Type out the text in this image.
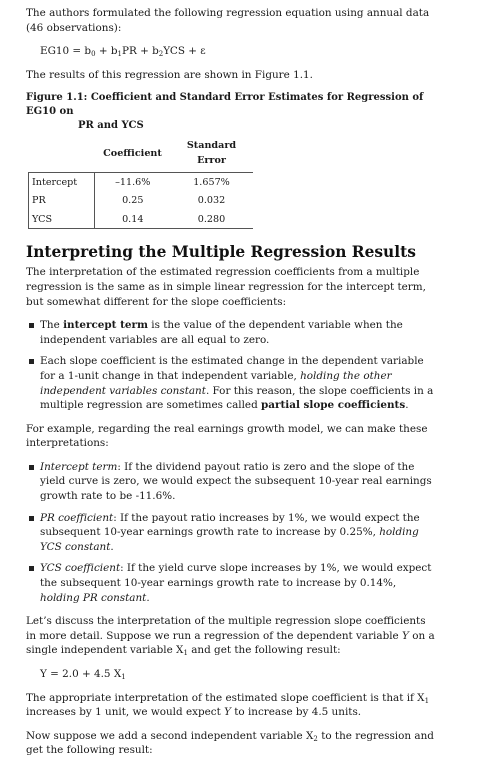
The authors formulated the following regression equation using annual data (46 observations):

$EG10 = b_0 + b_1PR + b_2YCS + \varepsilon$

The results of this regression are shown in Figure 1.1.

Figure 1.1: Coefficient and Standard Error Estimates for Regression of EG10 on
PR and YCS
	Coefficient	Standard Error
Intercept	–11.6%	1.657%
PR	0.25	0.032
YCS	0.14	0.280
Interpreting the Multiple Regression Results

The interpretation of the estimated regression coefficients from a multiple regression is the same as in simple linear regression for the intercept term, but somewhat different for the slope coefficients:

The intercept term is the value of the dependent variable when the independent variables are all equal to zero.
Each slope coefficient is the estimated change in the dependent variable for a 1-unit change in that independent variable, holding the other independent variables constant. For this reason, the slope coefficients in a multiple regression are sometimes called partial slope coefficients.

For example, regarding the real earnings growth model, we can make these interpretations:

Intercept term: If the dividend payout ratio is zero and the slope of the yield curve is zero, we would expect the subsequent 10-year real earnings growth rate to be -11.6%.
PR coefficient: If the payout ratio increases by 1%, we would expect the subsequent 10-year earnings growth rate to increase by 0.25%, holding YCS constant.
YCS coefficient: If the yield curve slope increases by 1%, we would expect the subsequent 10-year earnings growth rate to increase by 0.14%, holding PR constant.

Let’s discuss the interpretation of the multiple regression slope coefficients in more detail. Suppose we run a regression of the dependent variable Y on a single independent variable $X_1$ and get the following result:

Y = 2.0 + 4.5 $X_1$

The appropriate interpretation of the estimated slope coefficient is that if $X_1$ increases by 1 unit, we would expect Y to increase by 4.5 units.

Now suppose we add a second independent variable $X_2$ to the regression and get the following result:
